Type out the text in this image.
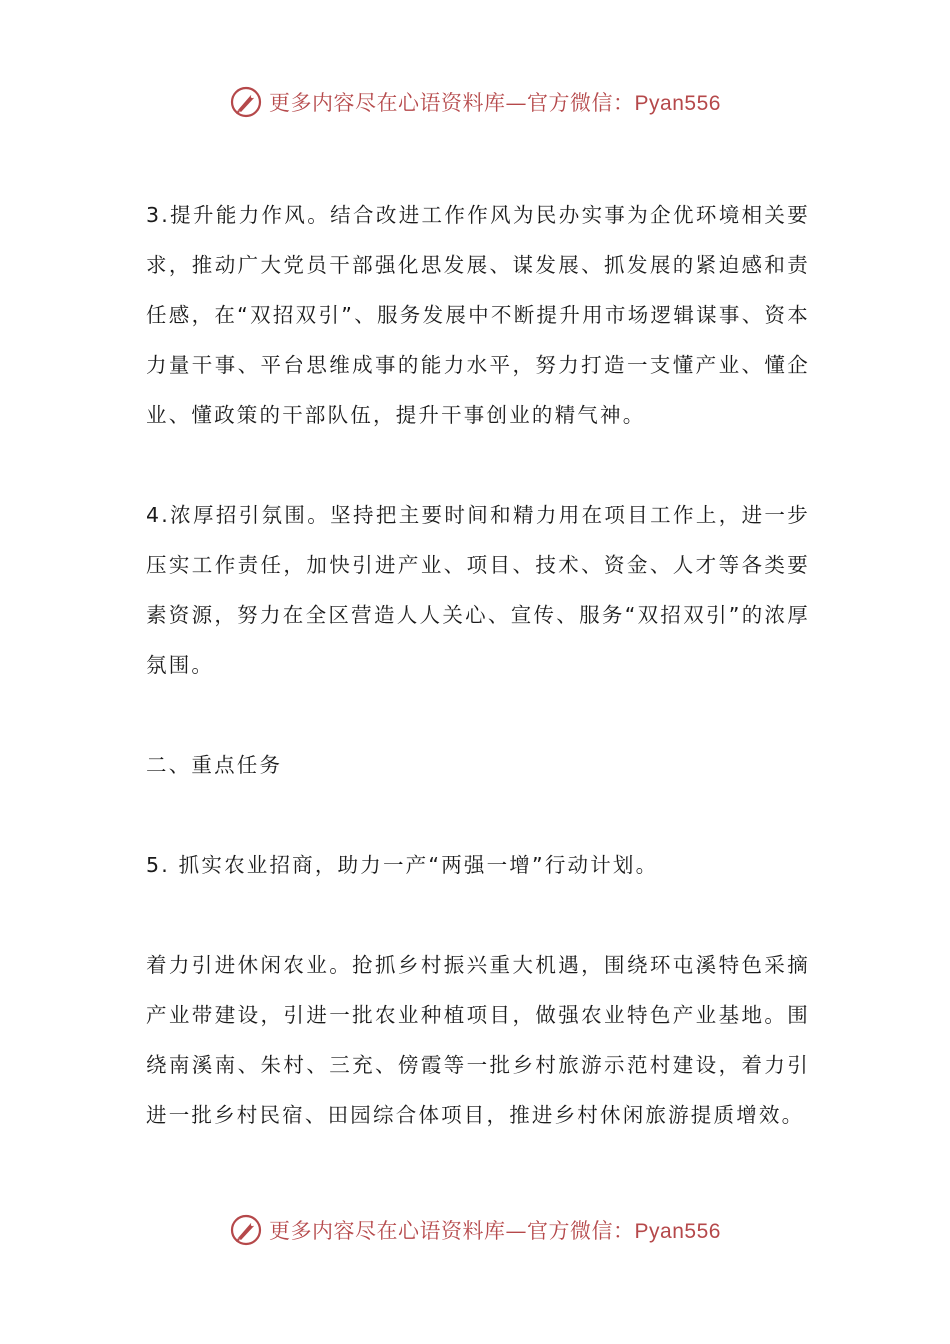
更多内容尽在心语资料库—官方微信：Pyan556

3.提升能力作风。结合改进工作作风为民办实事为企优环境相关要求，推动广大党员干部强化思发展、谋发展、抓发展的紧迫感和责任感，在“双招双引”、服务发展中不断提升用市场逻辑谋事、资本力量干事、平台思维成事的能力水平，努力打造一支懂产业、懂企业、懂政策的干部队伍，提升干事创业的精气神。

4.浓厚招引氛围。坚持把主要时间和精力用在项目工作上，进一步压实工作责任，加快引进产业、项目、技术、资金、人才等各类要素资源，努力在全区营造人人关心、宣传、服务“双招双引”的浓厚氛围。

二、重点任务

5. 抓实农业招商，助力一产“两强一增”行动计划。

着力引进休闲农业。抢抓乡村振兴重大机遇，围绕环屯溪特色采摘产业带建设，引进一批农业种植项目，做强农业特色产业基地。围绕南溪南、朱村、三充、傍霞等一批乡村旅游示范村建设，着力引进一批乡村民宿、田园综合体项目，推进乡村休闲旅游提质增效。

更多内容尽在心语资料库—官方微信：Pyan556
